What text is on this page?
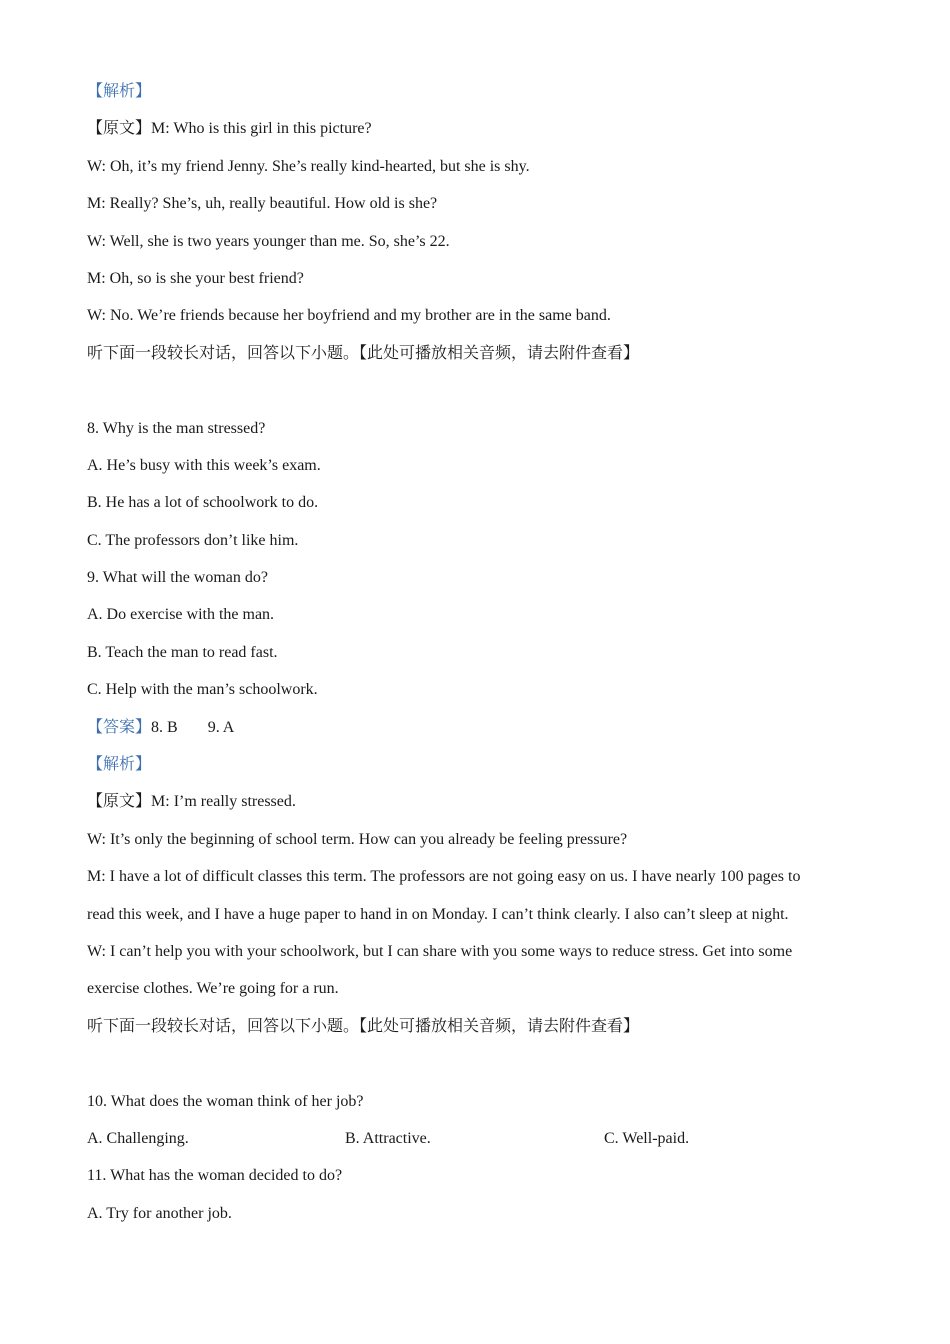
【解析】
【原文】M: Who is this girl in this picture?
W: Oh, it’s my friend Jenny. She’s really kind-hearted, but she is shy.
M: Really? She’s, uh, really beautiful. How old is she?
W: Well, she is two years younger than me. So, she’s 22.
M: Oh, so is she your best friend?
W: No. We’re friends because her boyfriend and my brother are in the same band.
听下面一段较长对话，回答以下小题。【此处可播放相关音频，请去附件查看】
8. Why is the man stressed?
A. He’s busy with this week’s exam.
B. He has a lot of schoolwork to do.
C. The professors don’t like him.
9. What will the woman do?
A. Do exercise with the man.
B. Teach the man to read fast.
C. Help with the man’s schoolwork.
【答案】8. B 9. A
【解析】
【原文】M: I’m really stressed.
W: It’s only the beginning of school term. How can you already be feeling pressure?
M: I have a lot of difficult classes this term. The professors are not going easy on us. I have nearly 100 pages to
read this week, and I have a huge paper to hand in on Monday. I can’t think clearly. I also can’t sleep at night.
W: I can’t help you with your schoolwork, but I can share with you some ways to reduce stress. Get into some
exercise clothes. We’re going for a run.
听下面一段较长对话，回答以下小题。【此处可播放相关音频，请去附件查看】
10. What does the woman think of her job?
A. Challenging.	B. Attractive.	C. Well-paid.
11. What has the woman decided to do?
A. Try for another job.
